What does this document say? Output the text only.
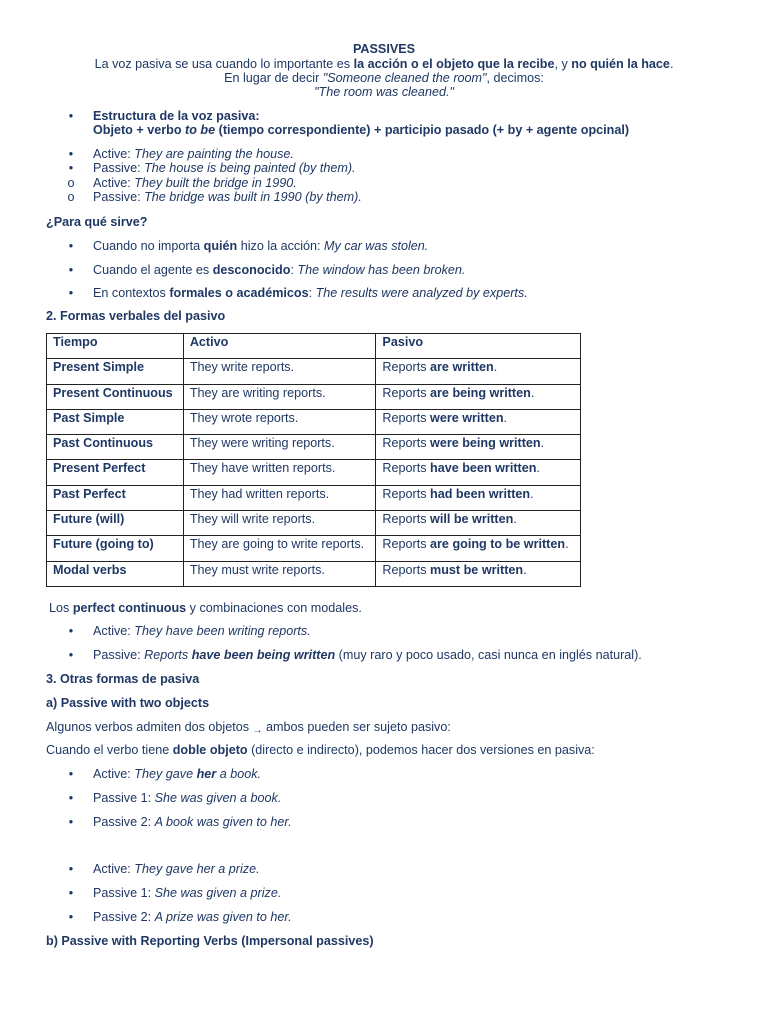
PASSIVES
La voz pasiva se usa cuando lo importante es la acción o el objeto que la recibe, y no quién la hace.
En lugar de decir "Someone cleaned the room", decimos:
"The room was cleaned."
•
Estructura de la voz pasiva:
Objeto + verbo to be (tiempo correspondiente) + participio pasado (+ by + agente opcinal)
•
Active: They are painting the house.
•
Passive: The house is being painted (by them).
o
Active: They built the bridge in 1990.
o
Passive: The bridge was built in 1990 (by them).
¿Para qué sirve?
•
Cuando no importa quién hizo la acción: My car was stolen.
•
Cuando el agente es desconocido: The window has been broken.
•
En contextos formales o académicos: The results were analyzed by experts.
2. Formas verbales del pasivo
Tiempo	Activo	Pasivo
Present Simple	They write reports.	Reports are written.
Present Continuous	They are writing reports.	Reports are being written.
Past Simple	They wrote reports.	Reports were written.
Past Continuous	They were writing reports.	Reports were being written.
Present Perfect	They have written reports.	Reports have been written.
Past Perfect	They had written reports.	Reports had been written.
Future (will)	They will write reports.	Reports will be written.
Future (going to)	They are going to write reports.	Reports are going to be written.
Modal verbs	They must write reports.	Reports must be written.
Los perfect continuous y combinaciones con modales.
•
Active: They have been writing reports.
•
Passive: Reports have been being written (muy raro y poco usado, casi nunca en inglés natural).
3. Otras formas de pasiva
a) Passive with two objects
Algunos verbos admiten dos objetos → ambos pueden ser sujeto pasivo:
Cuando el verbo tiene doble objeto (directo e indirecto), podemos hacer dos versiones en pasiva:
•
Active: They gave her a book.
•
Passive 1: She was given a book.
•
Passive 2: A book was given to her.
•
Active: They gave her a prize.
•
Passive 1: She was given a prize.
•
Passive 2: A prize was given to her.
b) Passive with Reporting Verbs (Impersonal passives)
